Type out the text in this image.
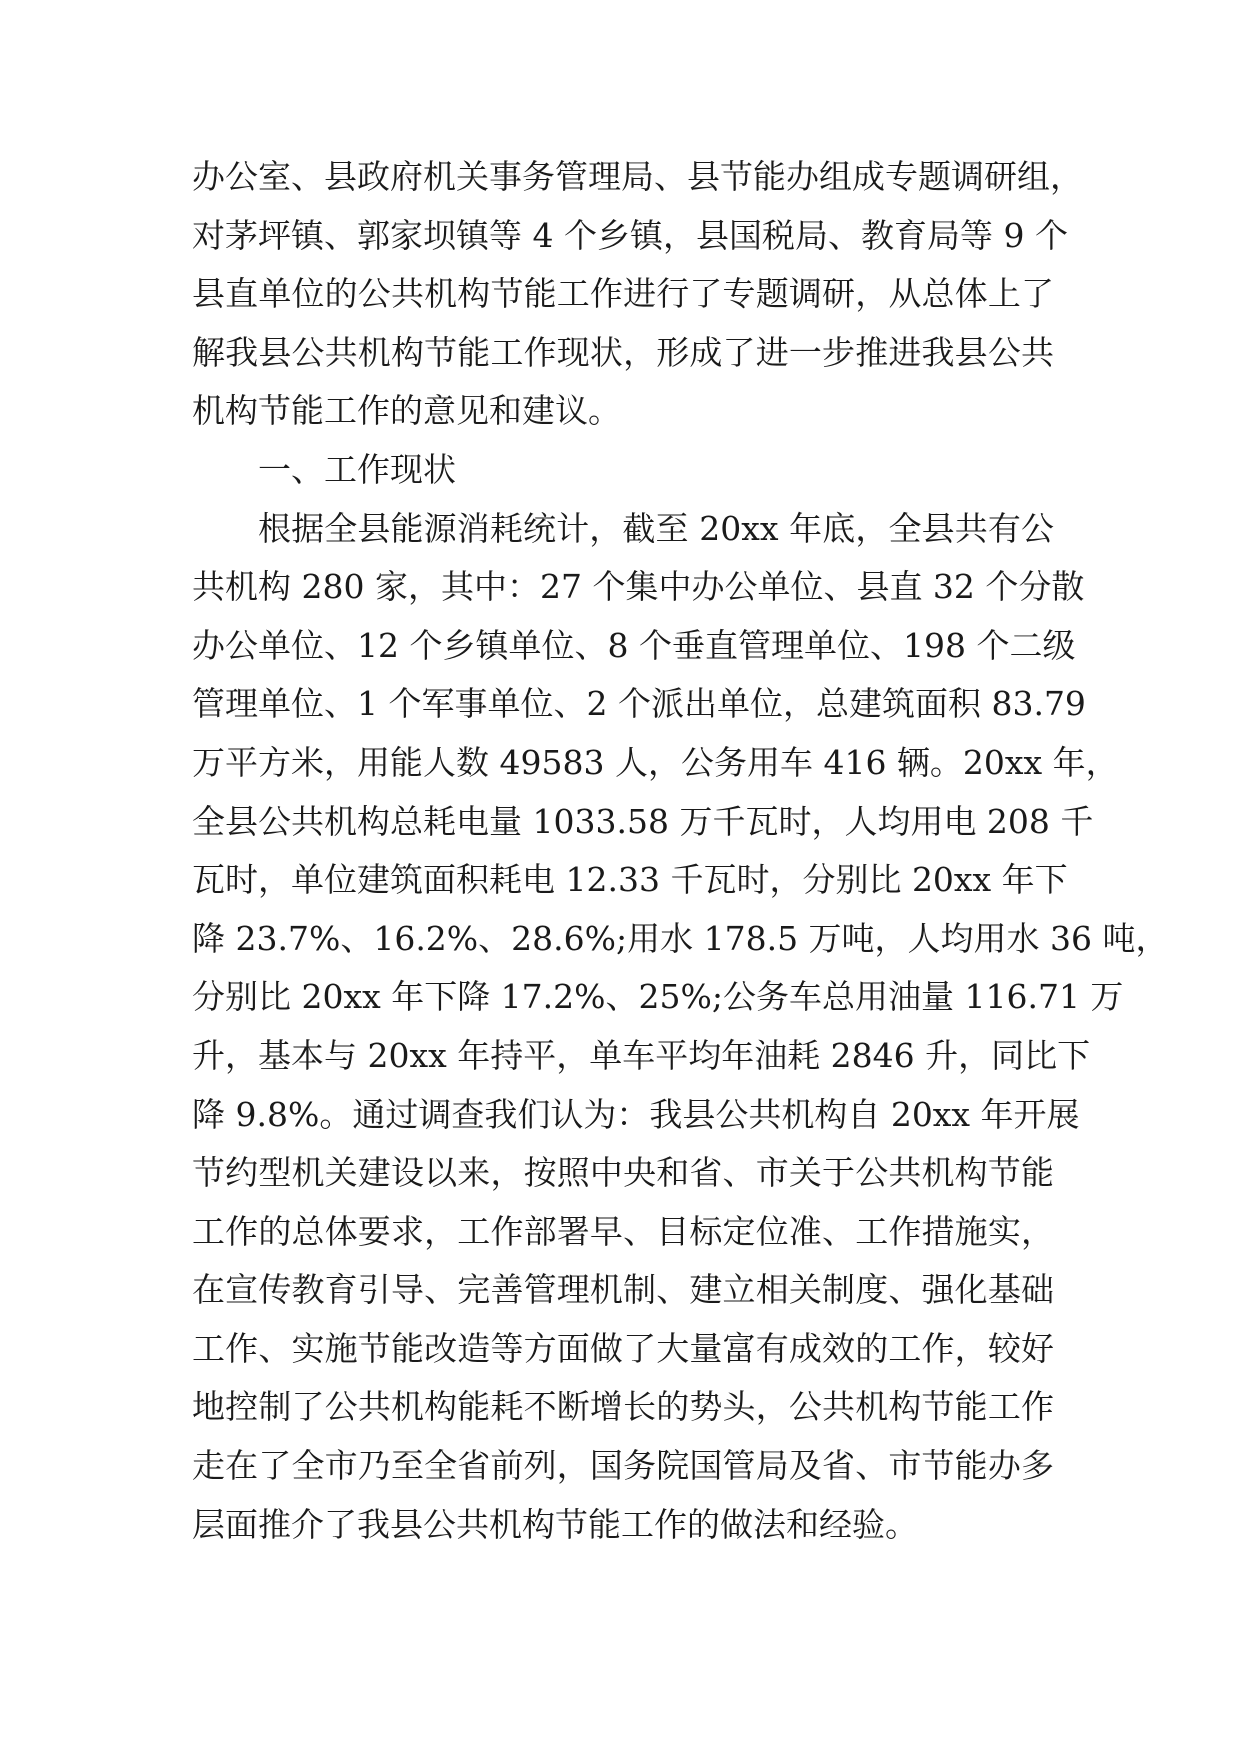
办公室、县政府机关事务管理局、县节能办组成专题调研组，
对茅坪镇、郭家坝镇等 4 个乡镇，县国税局、教育局等 9 个
县直单位的公共机构节能工作进行了专题调研，从总体上了
解我县公共机构节能工作现状，形成了进一步推进我县公共
机构节能工作的意见和建议。
一、工作现状
根据全县能源消耗统计，截至 20xx 年底，全县共有公
共机构 280 家，其中：27 个集中办公单位、县直 32 个分散
办公单位、12 个乡镇单位、8 个垂直管理单位、198 个二级
管理单位、1 个军事单位、2 个派出单位，总建筑面积 83.79
万平方米，用能人数 49583 人，公务用车 416 辆。20xx 年，
全县公共机构总耗电量 1033.58 万千瓦时，人均用电 208 千
瓦时，单位建筑面积耗电 12.33 千瓦时，分别比 20xx 年下
降 23.7%、16.2%、28.6%;用水 178.5 万吨，人均用水 36 吨，
分别比 20xx 年下降 17.2%、25%;公务车总用油量 116.71 万
升，基本与 20xx 年持平，单车平均年油耗 2846 升，同比下
降 9.8%。通过调查我们认为：我县公共机构自 20xx 年开展
节约型机关建设以来，按照中央和省、市关于公共机构节能
工作的总体要求，工作部署早、目标定位准、工作措施实，
在宣传教育引导、完善管理机制、建立相关制度、强化基础
工作、实施节能改造等方面做了大量富有成效的工作，较好
地控制了公共机构能耗不断增长的势头，公共机构节能工作
走在了全市乃至全省前列，国务院国管局及省、市节能办多
层面推介了我县公共机构节能工作的做法和经验。
